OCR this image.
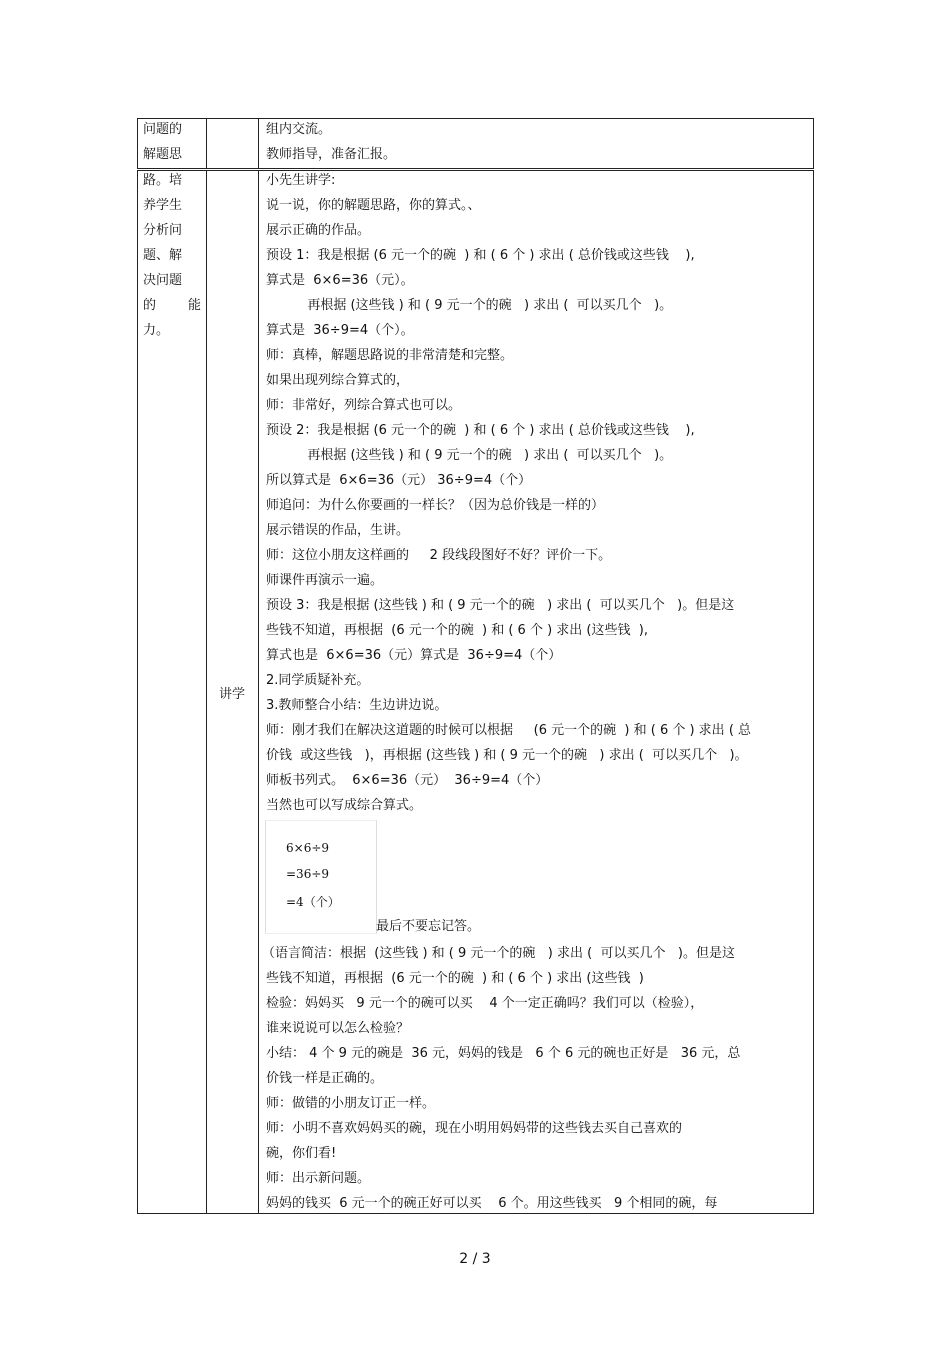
问题的
解题思
组内交流。
教师指导，准备汇报。
路。培
养学生
分析问
题、解
决问题
的 能
力。
讲学
小先生讲学:
说一说，你的解题思路，你的算式。、
展示正确的作品。
预设 1：我是根据 (6 元一个的碗  ) 和 ( 6 个 ) 求出 ( 总价钱或这些钱    ),
算式是  6×6=36（元）。
再根据 (这些钱 ) 和 ( 9 元一个的碗   ) 求出 (  可以买几个   )。
算式是  36÷9=4（个）。
师：真棒，解题思路说的非常清楚和完整。
如果出现列综合算式的，
师：非常好，列综合算式也可以。
预设 2：我是根据 (6 元一个的碗  ) 和 ( 6 个 ) 求出 ( 总价钱或这些钱    ),
再根据 (这些钱 ) 和 ( 9 元一个的碗   ) 求出 (  可以买几个   )。
所以算式是  6×6=36（元） 36÷9=4（个）
师追问：为什么你要画的一样长？（因为总价钱是一样的）
展示错误的作品，生讲。
师：这位小朋友这样画的     2 段线段图好不好？评价一下。
师课件再演示一遍。
预设 3：我是根据 (这些钱 ) 和 ( 9 元一个的碗   ) 求出 (  可以买几个   )。但是这
些钱不知道，再根据  (6 元一个的碗  ) 和 ( 6 个 ) 求出 (这些钱  ),
算式也是  6×6=36（元）算式是  36÷9=4（个）
2.同学质疑补充。
3.教师整合小结：生边讲边说。
师：刚才我们在解决这道题的时候可以根据     (6 元一个的碗  ) 和 ( 6 个 ) 求出 ( 总
价钱  或这些钱   )，再根据 (这些钱 ) 和 ( 9 元一个的碗   ) 求出 (  可以买几个   )。
师板书列式。  6×6=36（元）  36÷9=4（个）
当然也可以写成综合算式。
6×6÷9
=36÷9
=4（个）
最后不要忘记答。
（语言简洁：根据  (这些钱 ) 和 ( 9 元一个的碗   ) 求出 (  可以买几个   )。但是这
些钱不知道，再根据  (6 元一个的碗  ) 和 ( 6 个 ) 求出 (这些钱  )
检验：妈妈买   9 元一个的碗可以买    4 个一定正确吗？我们可以（检验），
谁来说说可以怎么检验？
小结： 4 个 9 元的碗是  36 元，妈妈的钱是   6 个 6 元的碗也正好是   36 元，总
价钱一样是正确的。
师：做错的小朋友订正一样。
师：小明不喜欢妈妈买的碗，现在小明用妈妈带的这些钱去买自己喜欢的
碗，你们看!
师：出示新问题。
妈妈的钱买  6 元一个的碗正好可以买    6 个。用这些钱买   9 个相同的碗，每
2 / 3
